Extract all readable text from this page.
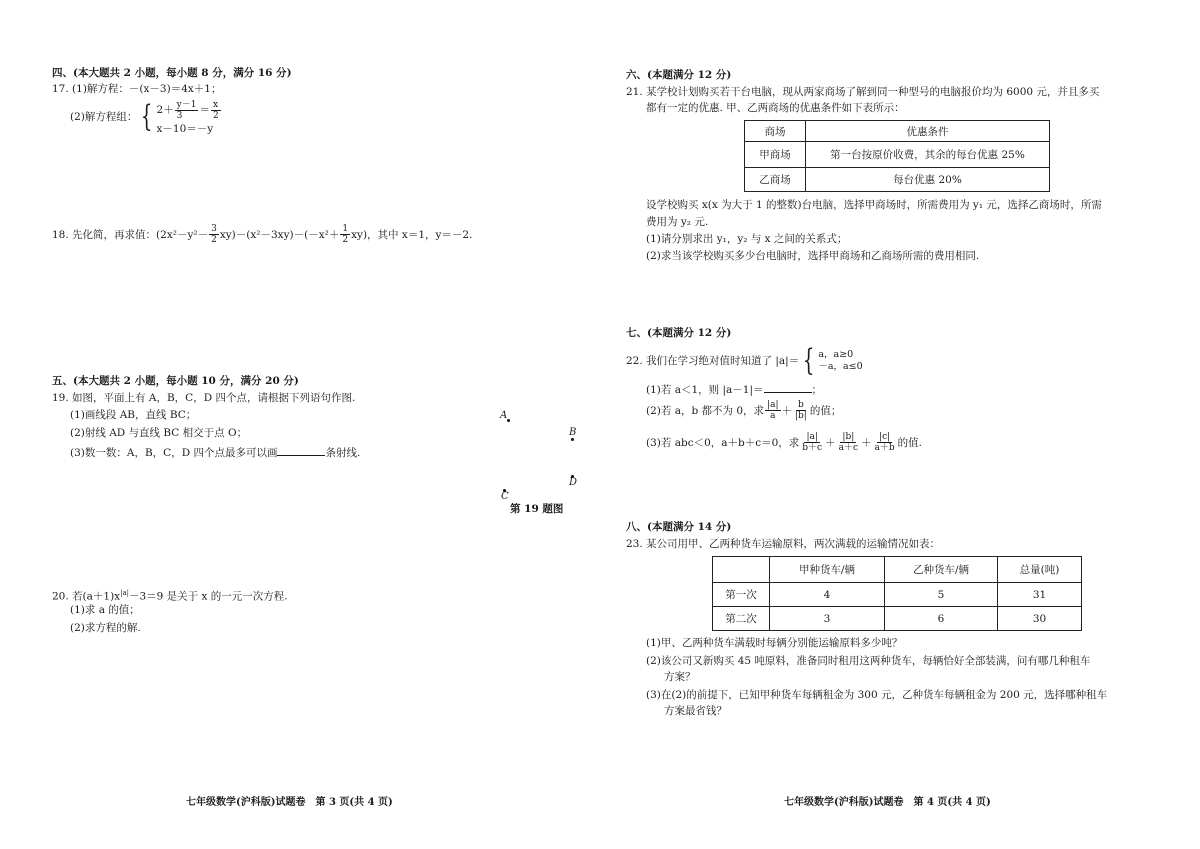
四、(本大题共 2 小题，每小题 8 分，满分 16 分)
17. (1)解方程：－(x－3)＝4x＋1；
(2)解方程组： { $2+ \frac{y-1}{3} = \frac{x}{2}$
x－10＝－y
18. 先化简，再求值：$(2x^2-y^2- \frac{3}{2} xy)-(x^2-3xy)-(-x^2+ \frac{1}{2} xy)$，其中 x＝1，y＝－2.
五、(本大题共 2 小题，每小题 10 分，满分 20 分)
19. 如图，平面上有 A，B，C，D 四个点，请根据下列语句作图.
(1)画线段 AB，直线 BC；
(2)射线 AD 与直线 BC 相交于点 O；
(3)数一数：A，B，C，D 四个点最多可以画	条射线.
A
B
C
D
第 19 题图
20. 若$(a+1)x^{|a|}-3=9$ 是关于 x 的一元一次方程.
(1)求 a 的值；
(2)求方程的解.
七年级数学(沪科版)试题卷　第 3 页(共 4 页)
六、(本题满分 12 分)
21. 某学校计划购买若干台电脑，现从两家商场了解到同一种型号的电脑报价均为 6000 元，并且多买
都有一定的优惠. 甲、乙两商场的优惠条件如下表所示：
商场	优惠条件
甲商场	第一台按原价收费，其余的每台优惠 25%
乙商场	每台优惠 20%
设学校购买 x(x 为大于 1 的整数)台电脑，选择甲商场时，所需费用为 y₁ 元，选择乙商场时，所需
费用为 y₂ 元.
(1)请分别求出 y₁，y₂ 与 x 之间的关系式；
(2)求当该学校购买多少台电脑时，选择甲商场和乙商场所需的费用相同.
七、(本题满分 12 分)
22. 我们在学习绝对值时知道了 |a|＝ { a，a≥0
－a，a≤0
(1)若 a＜1，则 |a－1|＝	；
(2)若 a，b 都不为 0，求 $\frac{|a|}{a} + \frac{b}{|b|}$ 的值；
(3)若 abc＜0，a＋b＋c＝0，求 $\frac{|a|}{b+c} + \frac{|b|}{a+c} + \frac{|c|}{a+b}$ 的值.
八、(本题满分 14 分)
23. 某公司用甲、乙两种货车运输原料，两次满载的运输情况如表：
	甲种货车/辆	乙种货车/辆	总量(吨)
第一次	4	5	31
第二次	3	6	30
(1)甲、乙两种货车满载时每辆分别能运输原料多少吨？
(2)该公司又新购买 45 吨原料，准备同时租用这两种货车，每辆恰好全部装满，问有哪几种租车
方案？
(3)在(2)的前提下，已知甲种货车每辆租金为 300 元，乙种货车每辆租金为 200 元，选择哪种租车
方案最省钱？
七年级数学(沪科版)试题卷　第 4 页(共 4 页)
